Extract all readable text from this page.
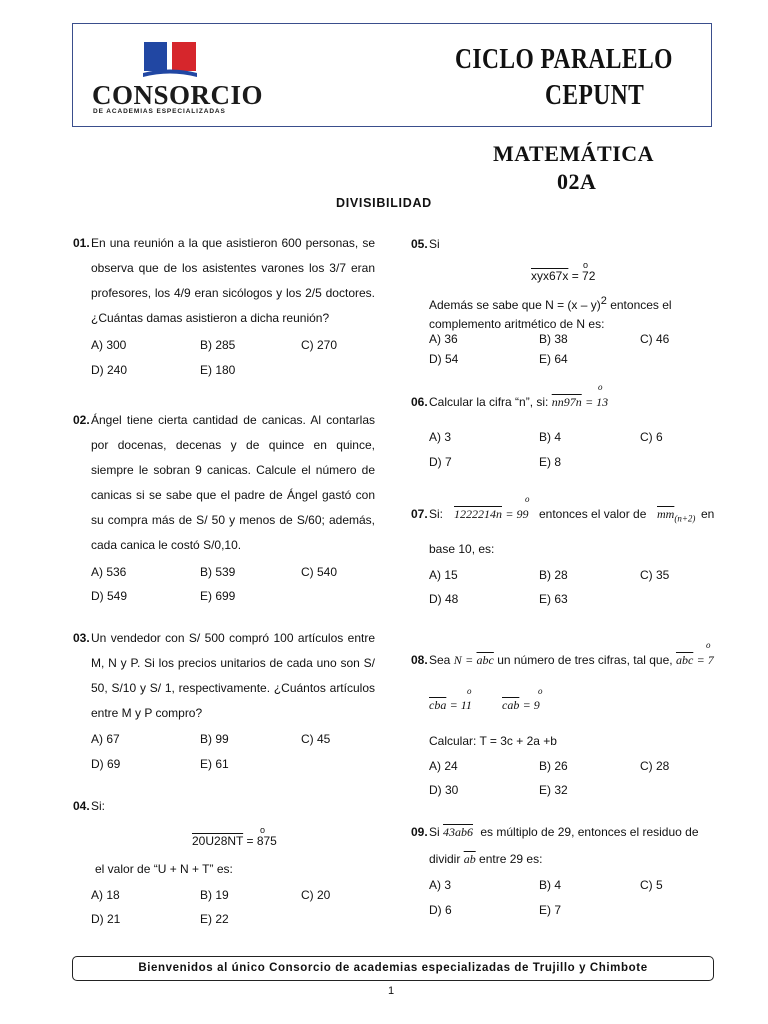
CONSORCIO
DE ACADEMIAS ESPECIALIZADAS
CICLO PARALELO
CEPUNT
MATEMÁTICA
02A
DIVISIBILIDAD
01. En una reunión a la que asistieron 600 personas, se observa que de los asistentes varones los 3/7 eran profesores, los 4/9 eran sicólogos y los 2/5 doctores. ¿Cuántas damas asistieron a dicha reunión?
A) 300	B) 285	C) 270
D) 240	E) 180
02. Ángel tiene cierta cantidad de canicas. Al contarlas por docenas, decenas y de quince en quince, siempre le sobran 9 canicas. Calcule el número de canicas si se sabe que el padre de Ángel gastó con su compra más de S/ 50 y menos de S/60; además, cada canica le costó S/0,10.
A) 536	B) 539	C) 540
D) 549	E) 699
03. Un vendedor con S/ 500 compró 100 artículos entre M, N y P. Si los precios unitarios de cada uno son S/ 50, S/10 y S/ 1, respectivamente. ¿Cuántos artículos entre M y P compro?
A) 67	B) 99	C) 45
D) 69	E) 61
04. Si:
20U28NT = 875
o
el valor de “U + N + T” es:
A) 18	B) 19	C) 20
D) 21	E) 22
05. Si
xyx67x = 72
o
Además se sabe que N = (x – y)2 entonces el complemento aritmético de N es:
A) 36	B) 38	C) 46
D) 54	E) 64
06. Calcular la cifra “n”, si: nn97n = 13
o
A) 3	B) 4	C) 6
D) 7	E) 8
07. Si: 1222214n = 99
o
entonces el valor de $\overline{mm}_{(n+2)}$ en
base 10, es:
A) 15	B) 28	C) 35
D) 48	E) 63
08. Sea $N = \overline{abc}$ un número de tres cifras, tal que, $\overline{abc} = 7$
o
$\overline{cba} = 11$
o
$\overline{cab} = 9$
o
Calcular: T = 3c + 2a +b
A) 24	B) 26	C) 28
D) 30	E) 32
09. Si 43ab6 es múltiplo de 29, entonces el residuo de
dividir $\overline{ab}$ entre 29 es:
A) 3	B) 4	C) 5
D) 6	E) 7
Bienvenidos al único Consorcio de academias especializadas de Trujillo y Chimbote
1
